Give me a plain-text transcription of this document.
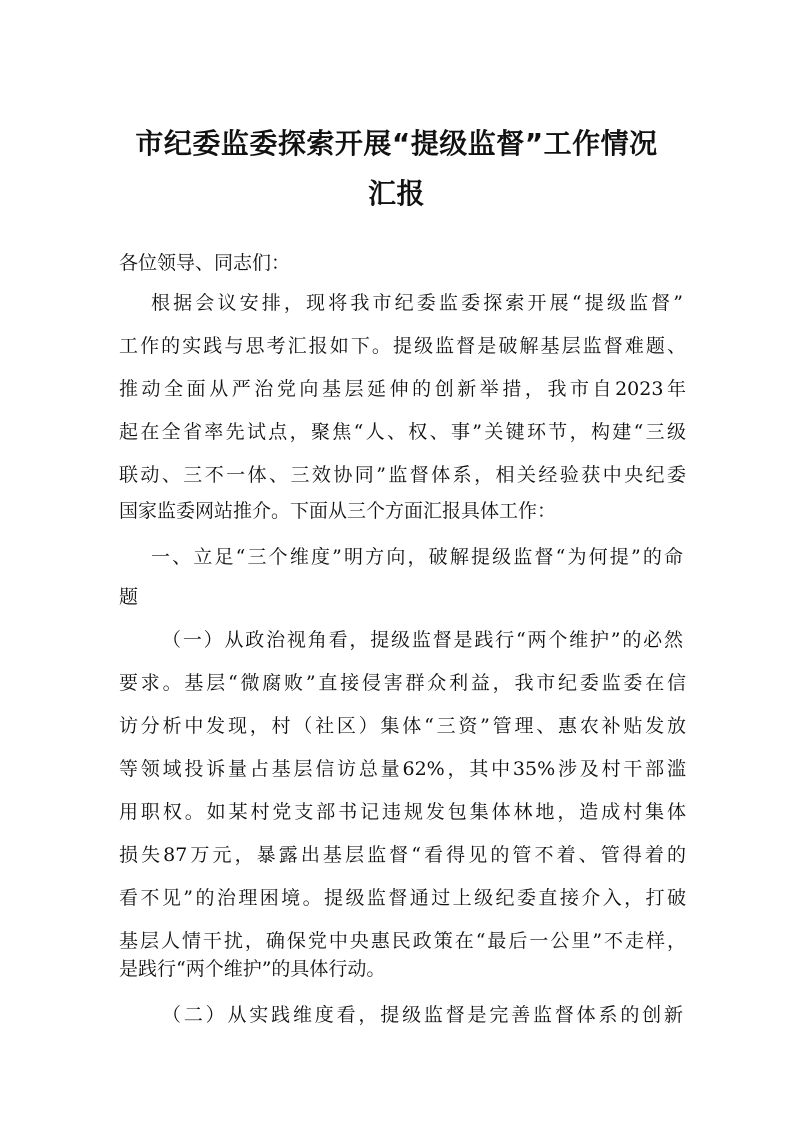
市纪委监委探索开展“提级监督”工作情况
汇报
各位领导、同志们：
根据会议安排，现将我市纪委监委探索开展“提级监督”
工作的实践与思考汇报如下。提级监督是破解基层监督难题、
推动全面从严治党向基层延伸的创新举措，我市自2023年
起在全省率先试点，聚焦“人、权、事”关键环节，构建“三级
联动、三不一体、三效协同”监督体系，相关经验获中央纪委
国家监委网站推介。下面从三个方面汇报具体工作：
一、立足“三个维度”明方向，破解提级监督“为何提”的命
题
（一）从政治视角看，提级监督是践行“两个维护”的必然
要求。基层“微腐败”直接侵害群众利益，我市纪委监委在信
访分析中发现，村（社区）集体“三资”管理、惠农补贴发放
等领域投诉量占基层信访总量62%，其中35%涉及村干部滥
用职权。如某村党支部书记违规发包集体林地，造成村集体
损失87万元，暴露出基层监督“看得见的管不着、管得着的
看不见”的治理困境。提级监督通过上级纪委直接介入，打破
基层人情干扰，确保党中央惠民政策在“最后一公里”不走样，
是践行“两个维护”的具体行动。
（二）从实践维度看，提级监督是完善监督体系的创新
